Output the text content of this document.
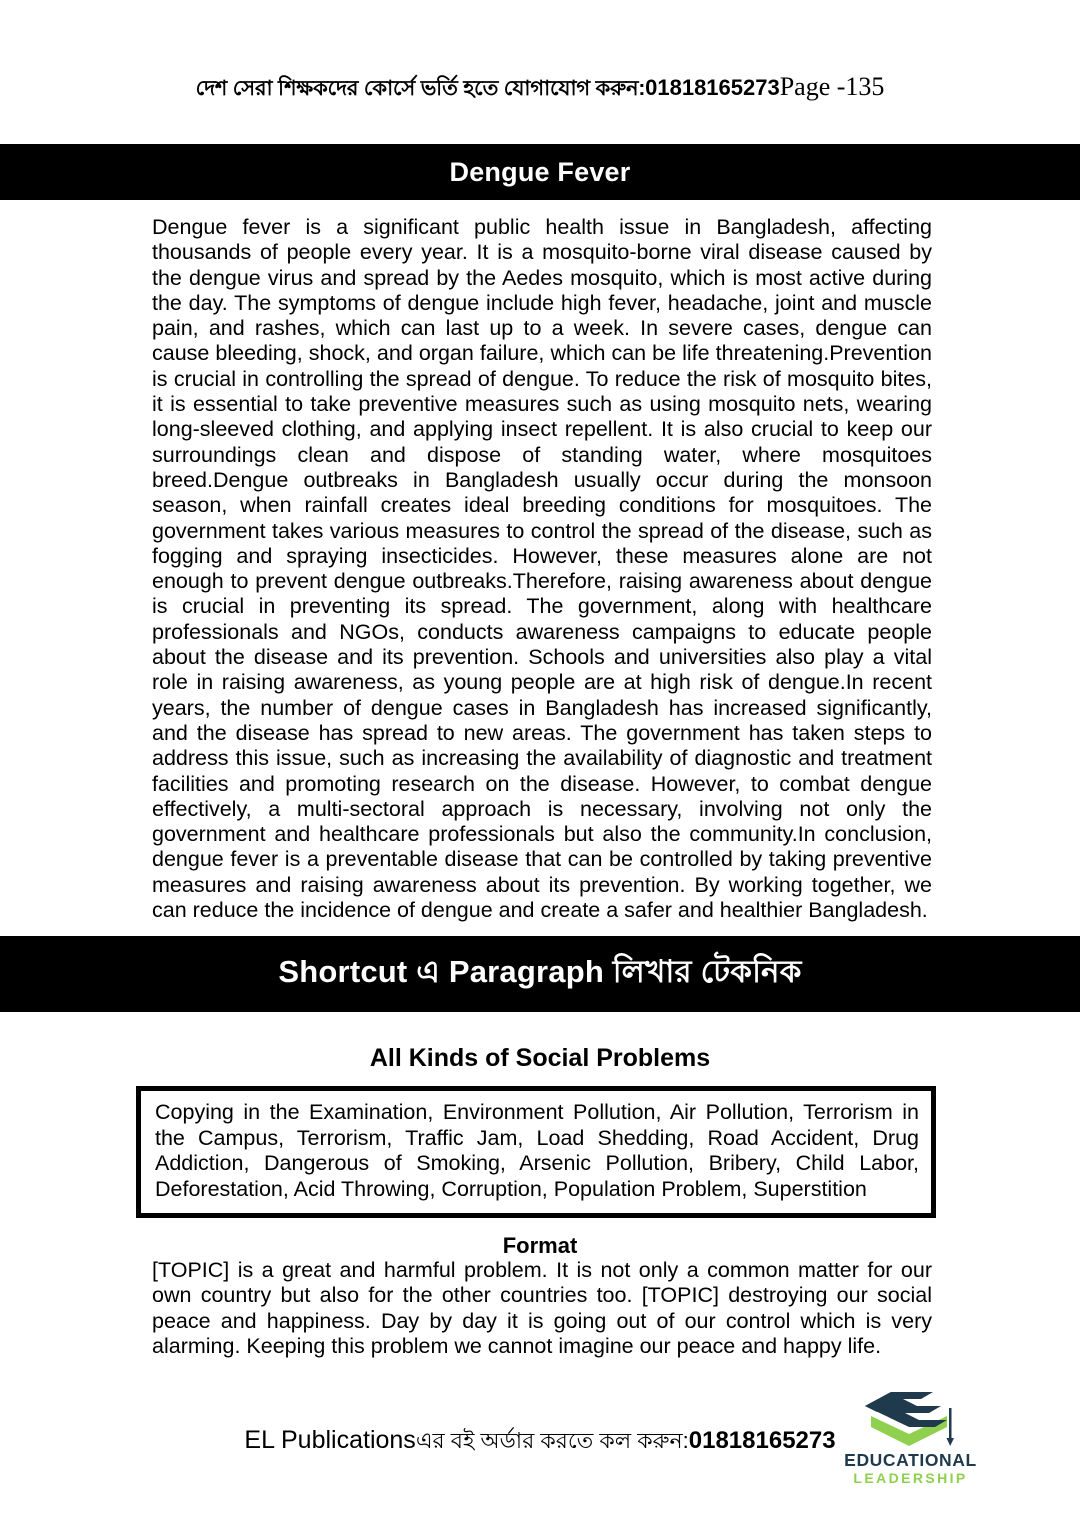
দেশ সেরা শিক্ষকদের কোর্সে ভর্তি হতে যোগাযোগ করুন:01818165273Page -135
Dengue Fever
Dengue fever is a significant public health issue in Bangladesh, affecting thousands of people every year. It is a mosquito-borne viral disease caused by the dengue virus and spread by the Aedes mosquito, which is most active during the day. The symptoms of dengue include high fever, headache, joint and muscle pain, and rashes, which can last up to a week. In severe cases, dengue can cause bleeding, shock, and organ failure, which can be life threatening.Prevention is crucial in controlling the spread of dengue. To reduce the risk of mosquito bites, it is essential to take preventive measures such as using mosquito nets, wearing long-sleeved clothing, and applying insect repellent. It is also crucial to keep our surroundings clean and dispose of standing water, where mosquitoes breed.Dengue outbreaks in Bangladesh usually occur during the monsoon season, when rainfall creates ideal breeding conditions for mosquitoes. The government takes various measures to control the spread of the disease, such as fogging and spraying insecticides. However, these measures alone are not enough to prevent dengue outbreaks.Therefore, raising awareness about dengue is crucial in preventing its spread. The government, along with healthcare professionals and NGOs, conducts awareness campaigns to educate people about the disease and its prevention. Schools and universities also play a vital role in raising awareness, as young people are at high risk of dengue.In recent years, the number of dengue cases in Bangladesh has increased significantly, and the disease has spread to new areas. The government has taken steps to address this issue, such as increasing the availability of diagnostic and treatment facilities and promoting research on the disease. However, to combat dengue effectively, a multi-sectoral approach is necessary, involving not only the government and healthcare professionals but also the community.In conclusion, dengue fever is a preventable disease that can be controlled by taking preventive measures and raising awareness about its prevention. By working together, we can reduce the incidence of dengue and create a safer and healthier Bangladesh.
Shortcut এ Paragraph লিখার টেকনিক
All Kinds of Social Problems
Copying in the Examination, Environment Pollution, Air Pollution, Terrorism in the Campus, Terrorism, Traffic Jam, Load Shedding, Road Accident, Drug Addiction, Dangerous of Smoking, Arsenic Pollution, Bribery, Child Labor, Deforestation, Acid Throwing, Corruption, Population Problem, Superstition
Format
[TOPIC] is a great and harmful problem. It is not only a common matter for our own country but also for the other countries too. [TOPIC] destroying our social peace and happiness. Day by day it is going out of our control which is very alarming. Keeping this problem we cannot imagine our peace and happy life.
EL Publicationsএর বই অর্ডার করতে কল করুন:01818165273
EDUCATIONAL
LEADERSHIP
